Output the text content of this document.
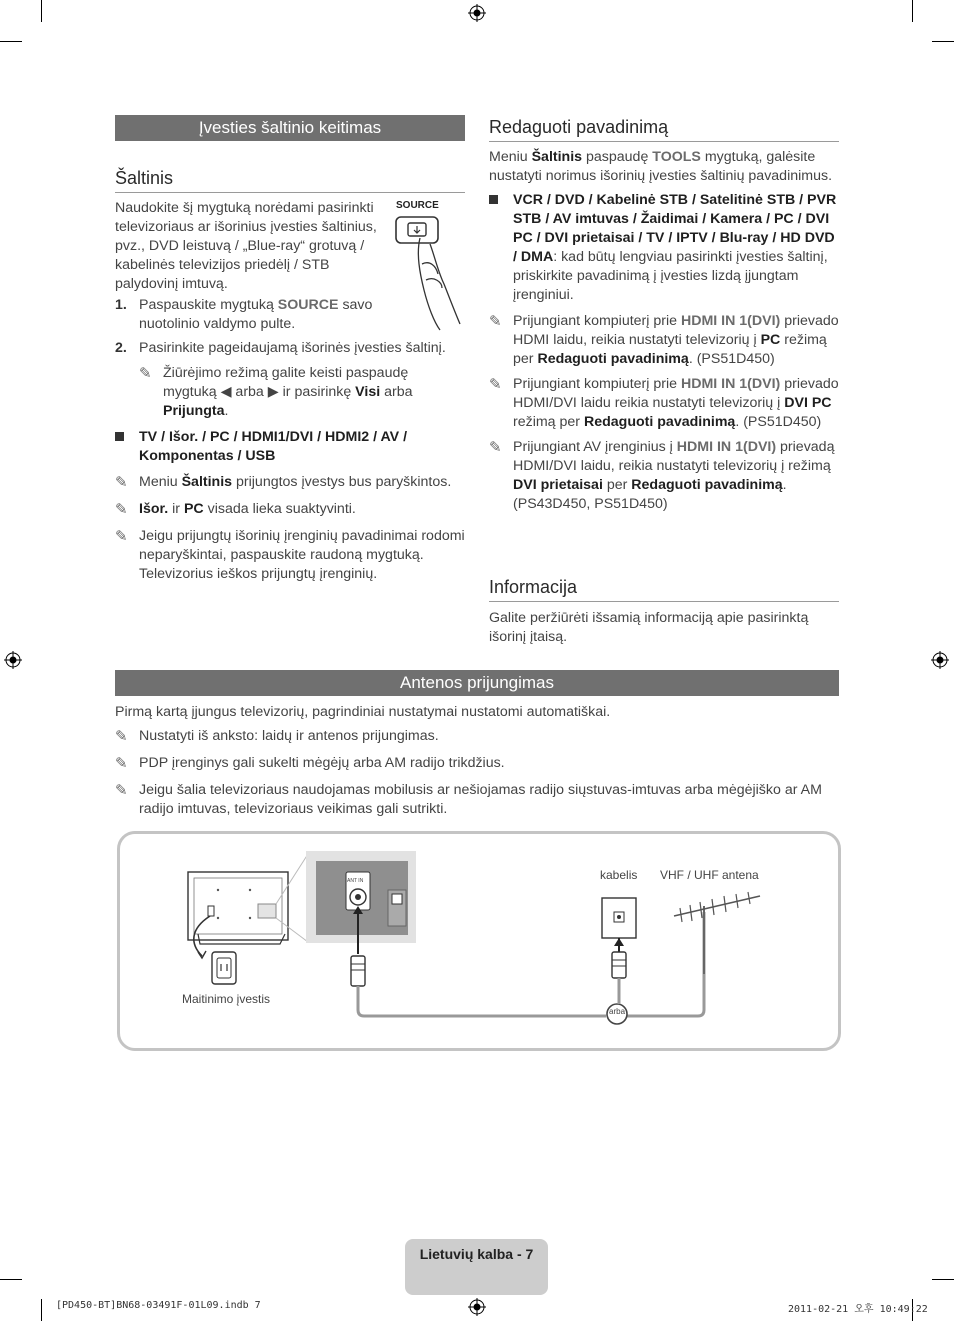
Įvesties šaltinio keitimas
Šaltinis
Naudokite šį mygtuką norėdami pasirinkti televizoriaus ar išorinius įvesties šaltinius, pvz., DVD leistuvą / „Blue-ray“ grotuvą / kabelinės televizijos priedėlį / STB palydovinį imtuvą.
SOURCE
1. Paspauskite mygtuką SOURCE savo nuotolinio valdymo pulte.
2. Pasirinkite pageidaujamą išorinės įvesties šaltinį.
✎ Žiūrėjimo režimą galite keisti paspaudę mygtuką ◀ arba ▶ ir pasirinkę Visi arba Prijungta.
TV / Išor. / PC / HDMI1/DVI / HDMI2 / AV / Komponentas / USB
✎ Meniu Šaltinis prijungtos įvestys bus paryškintos.
✎ Išor. ir PC visada lieka suaktyvinti.
✎ Jeigu prijungtų išorinių įrenginių pavadinimai rodomi neparyškintai, paspauskite raudoną mygtuką. Televizorius ieškos prijungtų įrenginių.
Redaguoti pavadinimą
Meniu Šaltinis paspaudę TOOLS mygtuką, galėsite nustatyti norimus išorinių įvesties šaltinių pavadinimus.
VCR / DVD / Kabelinė STB / Satelitinė STB / PVR STB / AV imtuvas / Žaidimai / Kamera / PC / DVI PC / DVI prietaisai / TV / IPTV / Blu-ray / HD DVD / DMA: kad būtų lengviau pasirinkti įvesties šaltinį, priskirkite pavadinimą į įvesties lizdą įjungtam įrenginiui.
✎ Prijungiant kompiuterį prie HDMI IN 1(DVI) prievado HDMI laidu, reikia nustatyti televizorių į PC režimą per Redaguoti pavadinimą. (PS51D450)
✎ Prijungiant kompiuterį prie HDMI IN 1(DVI) prievado HDMI/DVI laidu reikia nustatyti televizorių į DVI PC režimą per Redaguoti pavadinimą. (PS51D450)
✎ Prijungiant AV įrenginius į HDMI IN 1(DVI) prievadą HDMI/DVI laidu, reikia nustatyti televizorių į režimą DVI prietaisai per Redaguoti pavadinimą. (PS43D450, PS51D450)
Informacija
Galite peržiūrėti išsamią informaciją apie pasirinktą išorinį įtaisą.
Antenos prijungimas
Pirmą kartą įjungus televizorių, pagrindiniai nustatymai nustatomi automatiškai.
✎ Nustatyti iš anksto: laidų ir antenos prijungimas.
✎ PDP įrenginys gali sukelti mėgėjų arba AM radijo trikdžius.
✎ Jeigu šalia televizoriaus naudojamas mobilusis ar nešiojamas radijo siųstuvas-imtuvas arba mėgėjiško ar AM radijo imtuvas, televizoriaus veikimas gali sutrikti.
Maitinimo įvestis
ANT IN	kabelis VHF / UHF antena
arba
Lietuvių kalba - 7
[PD450-BT]BN68-03491F-01L09.indb 7	2011-02-21 오후 10:49:22
